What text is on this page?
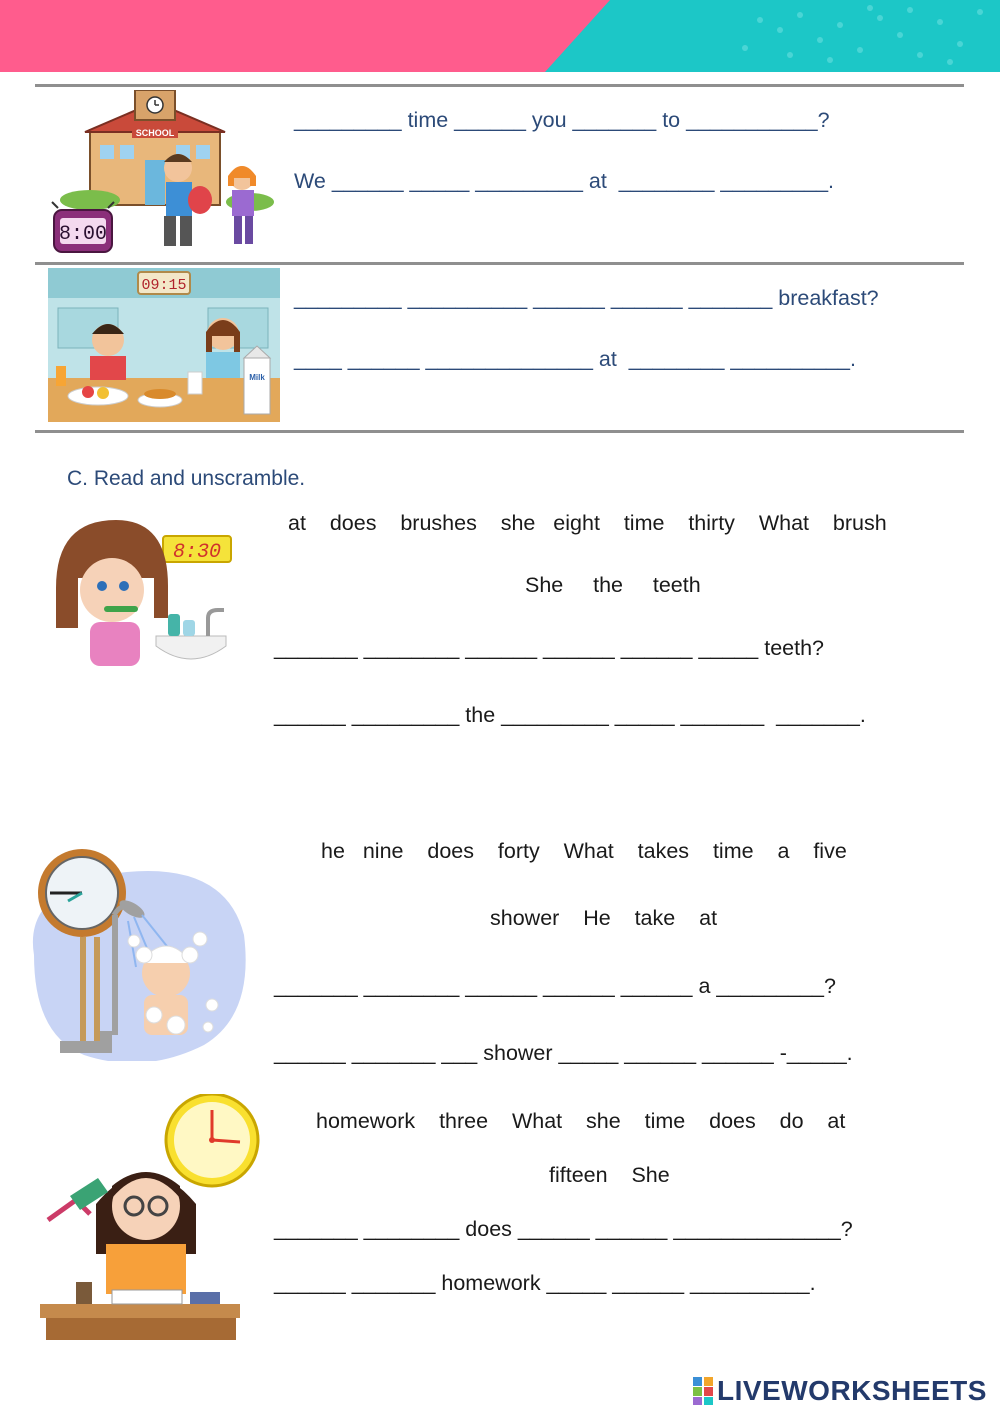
SCHOOL
8:00
_________ time ______ you _______ to ___________?
We ______ _____ _________ at  ________ _________.
09:15
Milk
_________ __________ ______ ______ _______ breakfast?
____ ______ ______________ at  ________ __________.
C. Read and unscramble.
8:30
at    does    brushes    she   eight    time    thirty    What    brush
She     the     teeth
_______ ________ ______ ______ ______ _____ teeth?
______ _________ the _________ _____ _______  _______.
he   nine    does    forty    What    takes    time    a    five
shower    He    take    at
_______ ________ ______ ______ ______ a _________?
______ _______ ___ shower _____ ______ ______ -_____.
homework    three    What    she    time    does    do    at
fifteen    She
_______ ________ does ______ ______ ______________?
______ _______ homework _____ ______ __________.
LIVEWORKSHEETS
